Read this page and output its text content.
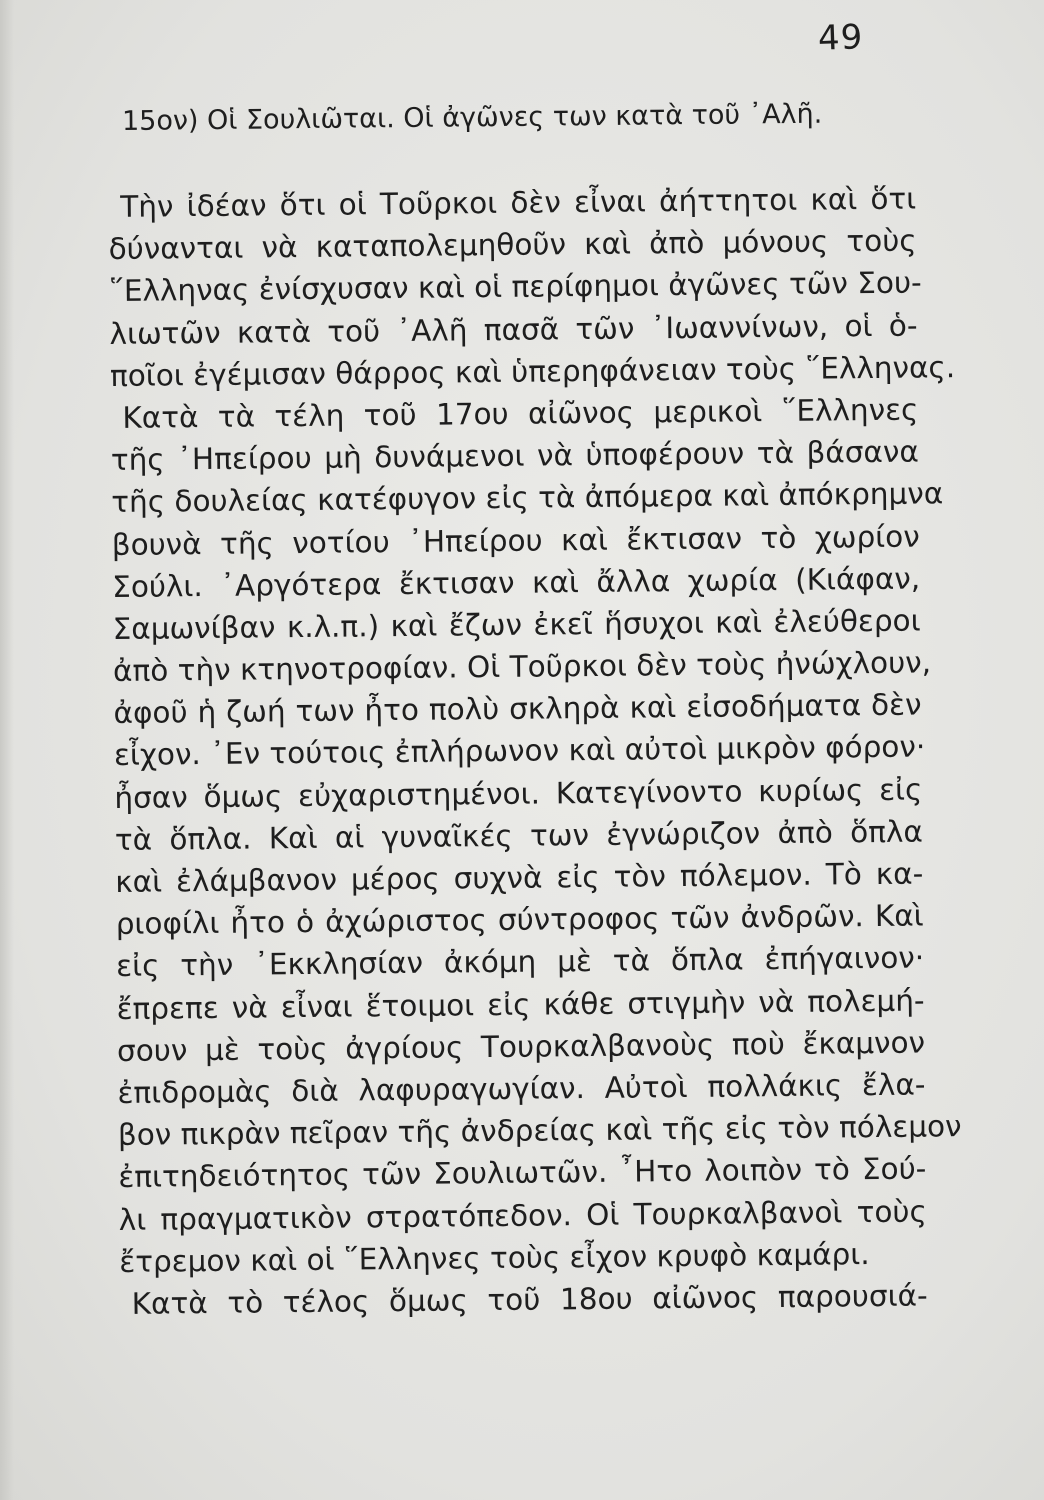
49
15ον) Οἱ Σουλιῶται. Οἱ ἀγῶνες των κατὰ τοῦ ᾽Αλῆ.
Τὴν ἰδέαν ὅτι οἱ Τοῦρκοι δὲν εἶναι ἀήττητοι καὶ ὅτι
δύνανται νὰ καταπολεμηθοῦν καὶ ἀπὸ μόνους τοὺς
῞Ελληνας ἐνίσχυσαν καὶ οἱ περίφημοι ἀγῶνες τῶν Σου-
λιωτῶν κατὰ τοῦ ᾽Αλῆ πασᾶ τῶν ᾽Ιωαννίνων, οἱ ὁ-
ποῖοι ἐγέμισαν θάρρος καὶ ὑπερηφάνειαν τοὺς ῞Ελληνας.
Κατὰ τὰ τέλη τοῦ 17ου αἰῶνος μερικοὶ ῞Ελληνες
τῆς ᾽Ηπείρου μὴ δυνάμενοι νὰ ὑποφέρουν τὰ βάσανα
τῆς δουλείας κατέφυγον εἰς τὰ ἀπόμερα καὶ ἀπόκρημνα
βουνὰ τῆς νοτίου ᾽Ηπείρου καὶ ἔκτισαν τὸ χωρίον
Σούλι. ᾽Αργότερα ἔκτισαν καὶ ἄλλα χωρία (Κιάφαν,
Σαμωνίβαν κ.λ.π.) καὶ ἔζων ἐκεῖ ἥσυχοι καὶ ἐλεύθεροι
ἀπὸ τὴν κτηνοτροφίαν. Οἱ Τοῦρκοι δὲν τοὺς ἠνώχλουν,
ἀφοῦ ἡ ζωή των ἦτο πολὺ σκληρὰ καὶ εἰσοδήματα δὲν
εἶχον. ᾽Εν τούτοις ἐπλήρωνον καὶ αὐτοὶ μικρὸν φόρον·
ἦσαν ὅμως εὐχαριστημένοι. Κατεγίνοντο κυρίως εἰς
τὰ ὅπλα. Καὶ αἱ γυναῖκές των ἐγνώριζον ἀπὸ ὅπλα
καὶ ἐλάμβανον μέρος συχνὰ εἰς τὸν πόλεμον. Τὸ κα-
ριοφίλι ἦτο ὁ ἀχώριστος σύντροφος τῶν ἀνδρῶν. Καὶ
εἰς τὴν ᾽Εκκλησίαν ἀκόμη μὲ τὰ ὅπλα ἐπήγαινον·
ἔπρεπε νὰ εἶναι ἕτοιμοι εἰς κάθε στιγμὴν νὰ πολεμή-
σουν μὲ τοὺς ἀγρίους Τουρκαλβανοὺς ποὺ ἔκαμνον
ἐπιδρομὰς διὰ λαφυραγωγίαν. Αὐτοὶ πολλάκις ἔλα-
βον πικρὰν πεῖραν τῆς ἀνδρείας καὶ τῆς εἰς τὸν πόλεμον
ἐπιτηδειότητος τῶν Σουλιωτῶν. ῏Ητο λοιπὸν τὸ Σού-
λι πραγματικὸν στρατόπεδον. Οἱ Τουρκαλβανοὶ τοὺς
ἔτρεμον καὶ οἱ ῞Ελληνες τοὺς εἶχον κρυφὸ καμάρι.
Κατὰ τὸ τέλος ὅμως τοῦ 18ου αἰῶνος παρουσιά-
